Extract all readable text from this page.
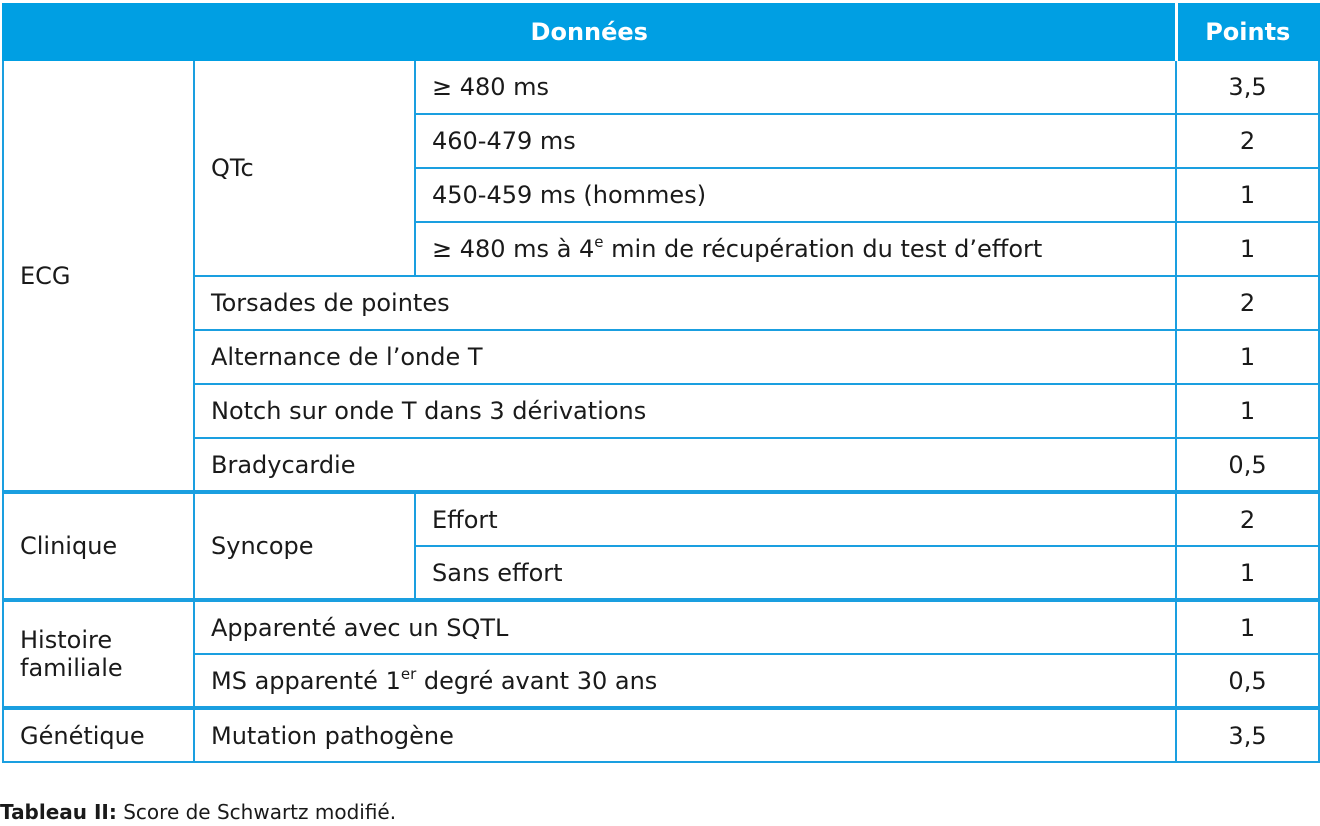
Données			Points
ECG	QTc	≥ 480 ms	3,5
		460-479 ms	2
		450-459 ms (hommes)	1
		≥ 480 ms à 4e min de récupération du test d’effort	1
	Torsades de pointes		2
	Alternance de l’onde T		1
	Notch sur onde T dans 3 dérivations		1
	Bradycardie		0,5
Clinique	Syncope	Effort	2
		Sans effort	1
Histoire familiale	Apparenté avec un SQTL		1
	MS apparenté 1er degré avant 30 ans		0,5
Génétique	Mutation pathogène		3,5
Tableau II: Score de Schwartz modifié.
